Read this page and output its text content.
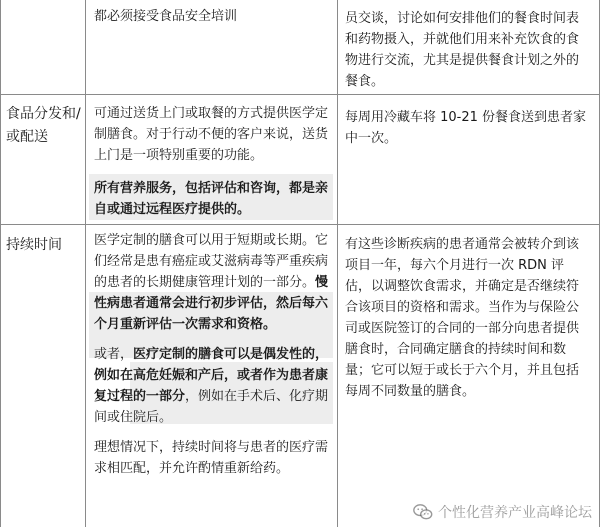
都必须接受食品安全培训	员交谈，讨论如何安排他们的餐食时间表和药物摄入，并就他们用来补充饮食的食物进行交流，尤其是提供餐食计划之外的餐食。

食品分发和/或配送

可通过送货上门或取餐的方式提供医学定制膳食。对于行动不便的客户来说，送货上门是一项特别重要的功能。

所有营养服务，包括评估和咨询，都是亲自或通过远程医疗提供的。

每周用冷藏车将 10-21 份餐食送到患者家中一次。

持续时间	医学定制的膳食可以用于短期或长期。它们经常是患有癌症或艾滋病毒等严重疾病的患者的长期健康管理计划的一部分。慢性病患者通常会进行初步评估，然后每六个月重新评估一次需求和资格。

或者，医疗定制的膳食可以是偶发性的，例如在高危妊娠和产后，或者作为患者康复过程的一部分，例如在手术后、化疗期间或住院后。

理想情况下，持续时间将与患者的医疗需求相匹配，并允许酌情重新给药。

有这些诊断疾病的患者通常会被转介到该项目一年，每六个月进行一次 RDN 评估，以调整饮食需求，并确定是否继续符合该项目的资格和需求。当作为与保险公司或医院签订的合同的一部分向患者提供膳食时，合同确定膳食的持续时间和数量；它可以短于或长于六个月，并且包括每周不同数量的膳食。

个性化营养产业高峰论坛
